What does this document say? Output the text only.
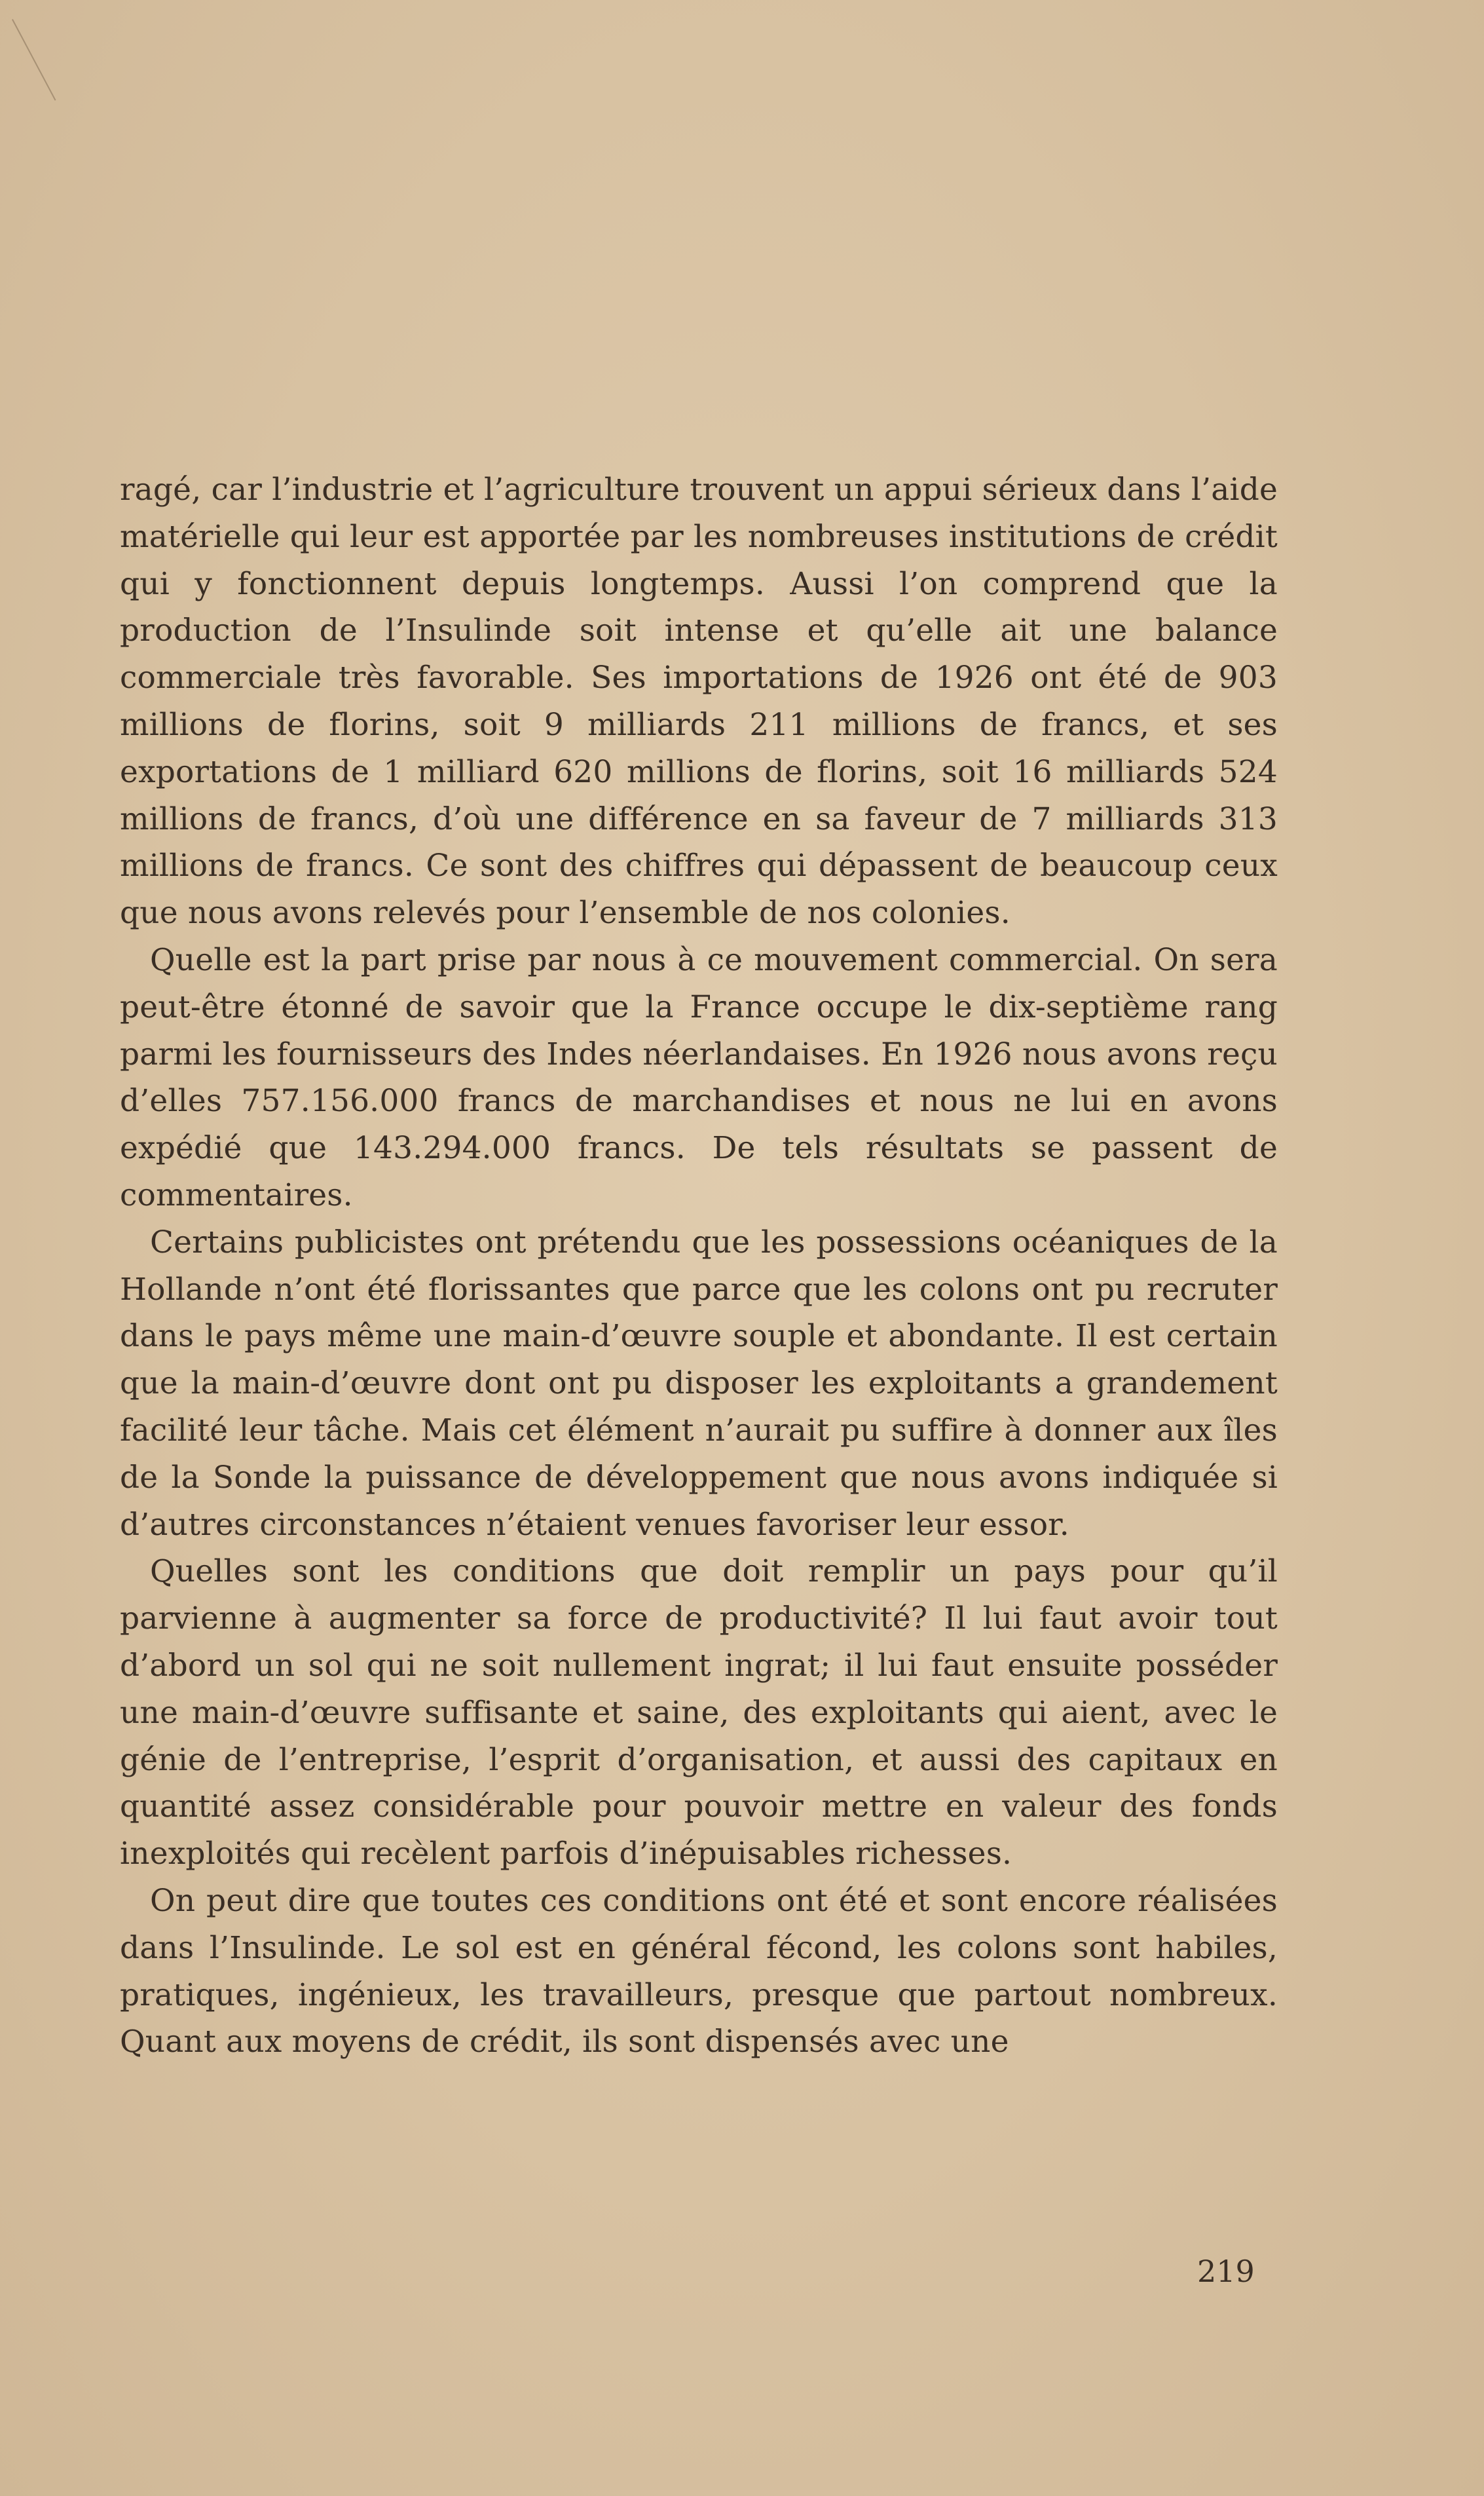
ragé, car l’industrie et l’agriculture trouvent un appui sérieux dans l’aide matérielle qui leur est apportée par les nombreuses institutions de crédit qui y fonctionnent depuis longtemps. Aussi l’on comprend que la production de l’Insulinde soit intense et qu’elle ait une balance commerciale très favorable. Ses importations de 1926 ont été de 903 millions de florins, soit 9 milliards 211 millions de francs, et ses exportations de 1 milliard 620 millions de florins, soit 16 milliards 524 millions de francs, d’où une différence en sa faveur de 7 milliards 313 millions de francs. Ce sont des chiffres qui dépassent de beaucoup ceux que nous avons relevés pour l’ensemble de nos colonies.

Quelle est la part prise par nous à ce mouvement commercial. On sera peut-être étonné de savoir que la France occupe le dix-septième rang parmi les fournisseurs des Indes néerlandaises. En 1926 nous avons reçu d’elles 757.156.000 francs de marchandises et nous ne lui en avons expédié que 143.294.000 francs. De tels résultats se passent de commentaires.

Certains publicistes ont prétendu que les possessions océaniques de la Hollande n’ont été florissantes que parce que les colons ont pu recruter dans le pays même une main-d’œuvre souple et abondante. Il est certain que la main-d’œuvre dont ont pu disposer les exploitants a grandement facilité leur tâche. Mais cet élément n’aurait pu suffire à donner aux îles de la Sonde la puissance de développement que nous avons indiquée si d’autres circonstances n’étaient venues favoriser leur essor.

Quelles sont les conditions que doit remplir un pays pour qu’il parvienne à augmenter sa force de productivité? Il lui faut avoir tout d’abord un sol qui ne soit nullement ingrat; il lui faut ensuite posséder une main-d’œuvre suffisante et saine, des exploitants qui aient, avec le génie de l’entreprise, l’esprit d’organisation, et aussi des capitaux en quantité assez considérable pour pouvoir mettre en valeur des fonds inexploités qui recèlent parfois d’inépuisables richesses.

On peut dire que toutes ces conditions ont été et sont encore réalisées dans l’Insulinde. Le sol est en général fécond, les colons sont habiles, pratiques, ingénieux, les travailleurs, presque que partout nombreux. Quant aux moyens de crédit, ils sont dispensés avec une

219
